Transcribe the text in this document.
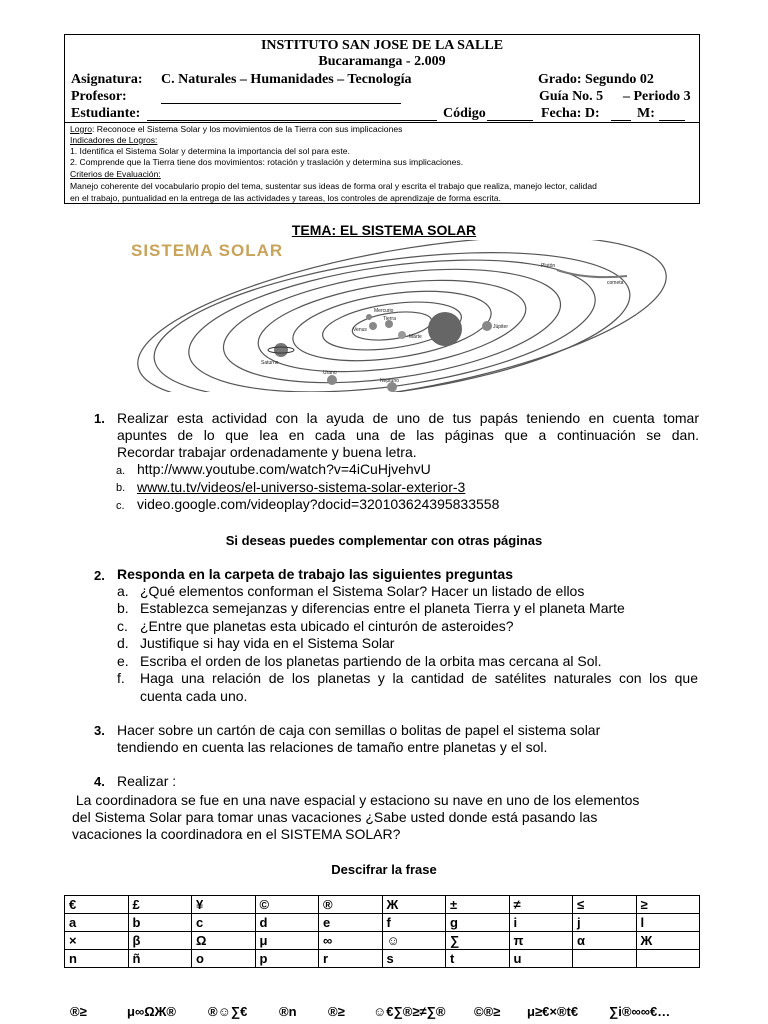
INSTITUTO SAN JOSE DE LA SALLE
Bucaramanga - 2.009
Asignatura: C. Naturales – Humanidades – Tecnología	Grado: Segundo 02
Profesor:	Guía No. 5 – Periodo 3
Estudiante:	Código	Fecha: D:	M:
Logro: Reconoce el Sistema Solar y los movimientos de la Tierra con sus implicaciones
Indicadores de Logros:
1. Identifica el Sistema Solar y determina la importancia del sol para este.
2. Comprende que la Tierra tiene dos movimientos: rotación y traslación y determina sus implicaciones.
Criterios de Evaluación:
Manejo coherente del vocabulario propio del tema, sustentar sus ideas de forma oral y escrita el trabajo que realiza, manejo lector, calidad
en el trabajo, puntualidad en la entrega de las actividades y tareas, los controles de aprendizaje de forma escrita.
TEMA: EL SISTEMA SOLAR
SISTEMA SOLAR
Plutón
cometa
Júpiter
Saturno
Urano
Neptuno
Marte
Tierra
Mercurio
Venus
1. Realizar esta actividad con la ayuda de uno de tus papás teniendo en cuenta tomar
apuntes de lo que lea en cada una de las páginas que a continuación se dan.
Recordar trabajar ordenadamente y buena letra.
a. http://www.youtube.com/watch?v=4iCuHjvehvU
b. www.tu.tv/videos/el-universo-sistema-solar-exterior-3
c. video.google.com/videoplay?docid=320103624395833558
Si deseas puedes complementar con otras páginas
2. Responda en la carpeta de trabajo las siguientes preguntas
a. ¿Qué elementos conforman el Sistema Solar? Hacer un listado de ellos
b. Establezca semejanzas y diferencias entre el planeta Tierra y el planeta Marte
c. ¿Entre que planetas esta ubicado el cinturón de asteroides?
d. Justifique si hay vida en el Sistema Solar
e. Escriba el orden de los planetas partiendo de la orbita mas cercana al Sol.
f. Haga una relación de los planetas y la cantidad de satélites naturales con los que
cuenta cada uno.
3. Hacer sobre un cartón de caja con semillas o bolitas de papel el sistema solar
tendiendo en cuenta las relaciones de tamaño entre planetas y el sol.
4. Realizar :
La coordinadora se fue en una nave espacial y estaciono su nave en uno de los elementos
del Sistema Solar para tomar unas vacaciones ¿Sabe usted donde está pasando las
vacaciones la coordinadora en el SISTEMA SOLAR?
Descifrar la frase
€	£	¥	©	®	Ж	±	≠	≤	≥
a	b	c	d	e	f	g	i	j	l
×	β	Ω	μ	∞	☺	∑	π	α	Ж
n	ñ	o	p	r	s	t	u		
®≥	μ∞ΩЖ® ®☺∑€ ®n ®≥ ☺€∑®≥≠∑® ©®≥ μ≥€×®t€ ∑i®∞∞€…
